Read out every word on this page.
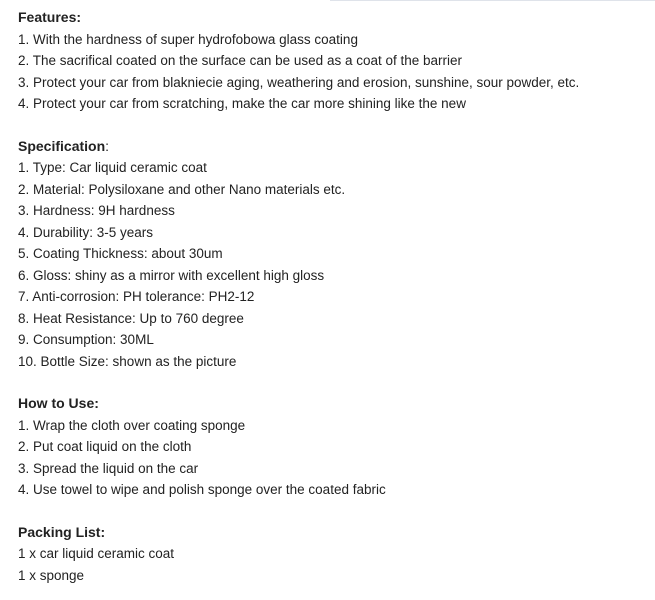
Features:

1. With the hardness of super hydrofobowa glass coating

2. The sacrifical coated on the surface can be used as a coat of the barrier

3. Protect your car from blakniecie aging, weathering and erosion, sunshine, sour powder, etc.

4. Protect your car from scratching, make the car more shining like the new

Specification:

1. Type: Car liquid ceramic coat

2. Material: Polysiloxane and other Nano materials etc.

3. Hardness: 9H hardness

4. Durability: 3-5 years

5. Coating Thickness: about 30um

6. Gloss: shiny as a mirror with excellent high gloss

7. Anti-corrosion: PH tolerance: PH2-12

8. Heat Resistance: Up to 760 degree

9. Consumption: 30ML

10. Bottle Size: shown as the picture

How to Use:

1. Wrap the cloth over coating sponge

2. Put coat liquid on the cloth

3. Spread the liquid on the car

4. Use towel to wipe and polish sponge over the coated fabric

Packing List:

1 x car liquid ceramic coat

1 x sponge
